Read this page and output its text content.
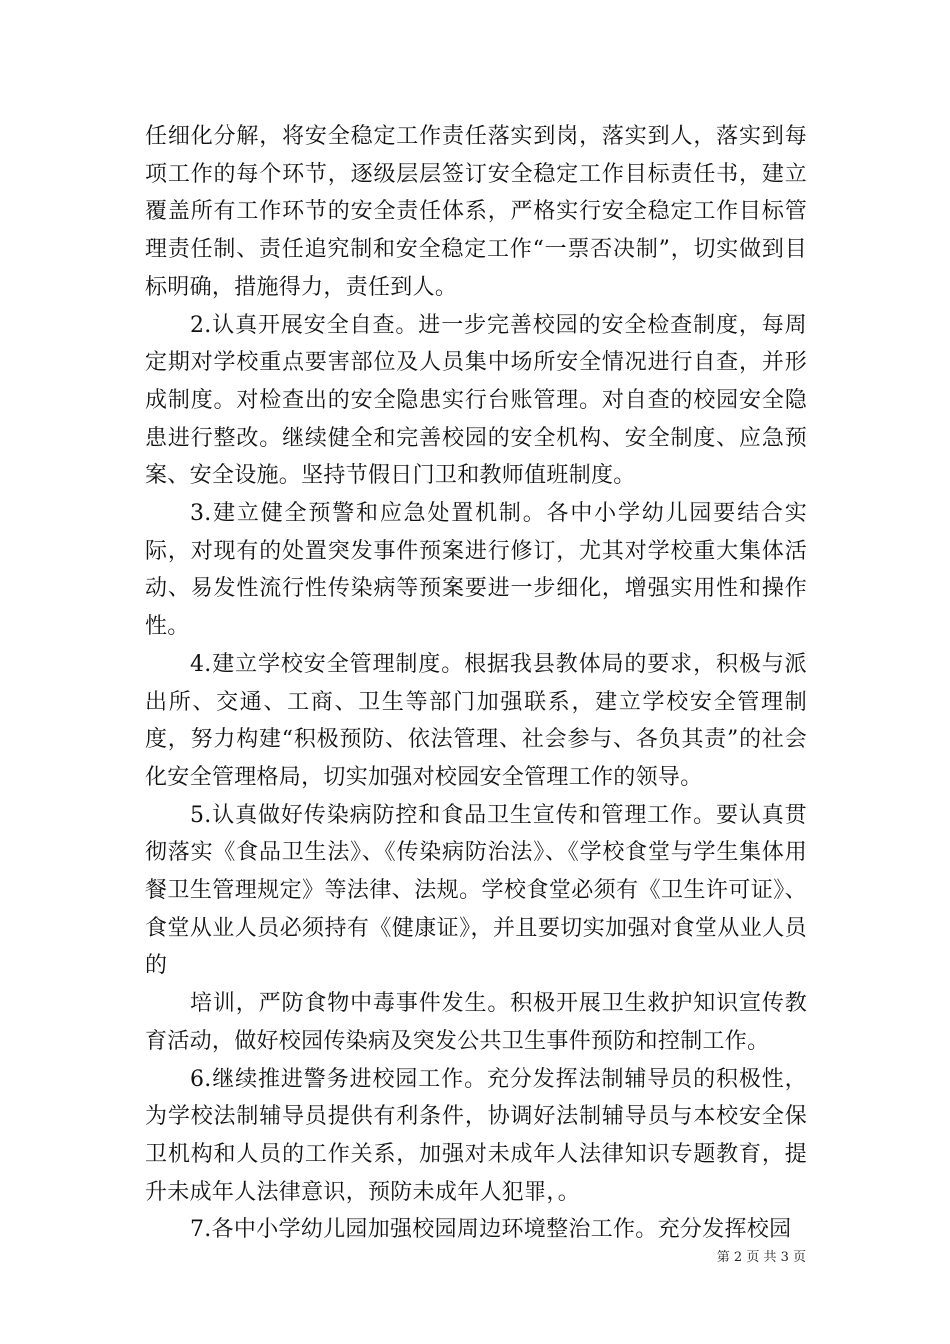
任细化分解，将安全稳定工作责任落实到岗，落实到人，落实到每项工作的每个环节，逐级层层签订安全稳定工作目标责任书，建立覆盖所有工作环节的安全责任体系，严格实行安全稳定工作目标管理责任制、责任追究制和安全稳定工作“一票否决制”，切实做到目标明确，措施得力，责任到人。

2.认真开展安全自查。进一步完善校园的安全检查制度，每周定期对学校重点要害部位及人员集中场所安全情况进行自查，并形成制度。对检查出的安全隐患实行台账管理。对自查的校园安全隐患进行整改。继续健全和完善校园的安全机构、安全制度、应急预案、安全设施。坚持节假日门卫和教师值班制度。

3.建立健全预警和应急处置机制。各中小学幼儿园要结合实际，对现有的处置突发事件预案进行修订，尤其对学校重大集体活动、易发性流行性传染病等预案要进一步细化，增强实用性和操作性。

4.建立学校安全管理制度。根据我县教体局的要求，积极与派出所、交通、工商、卫生等部门加强联系，建立学校安全管理制度，努力构建“积极预防、依法管理、社会参与、各负其责”的社会化安全管理格局，切实加强对校园安全管理工作的领导。

5.认真做好传染病防控和食品卫生宣传和管理工作。要认真贯彻落实《食品卫生法》、《传染病防治法》、《学校食堂与学生集体用餐卫生管理规定》等法律、法规。学校食堂必须有《卫生许可证》、食堂从业人员必须持有《健康证》，并且要切实加强对食堂从业人员的

培训，严防食物中毒事件发生。积极开展卫生救护知识宣传教育活动，做好校园传染病及突发公共卫生事件预防和控制工作。

6.继续推进警务进校园工作。充分发挥法制辅导员的积极性，为学校法制辅导员提供有利条件，协调好法制辅导员与本校安全保卫机构和人员的工作关系，加强对未成年人法律知识专题教育，提升未成年人法律意识，预防未成年人犯罪，。

7.各中小学幼儿园加强校园周边环境整治工作。充分发挥校园

第 2 页 共 3 页
